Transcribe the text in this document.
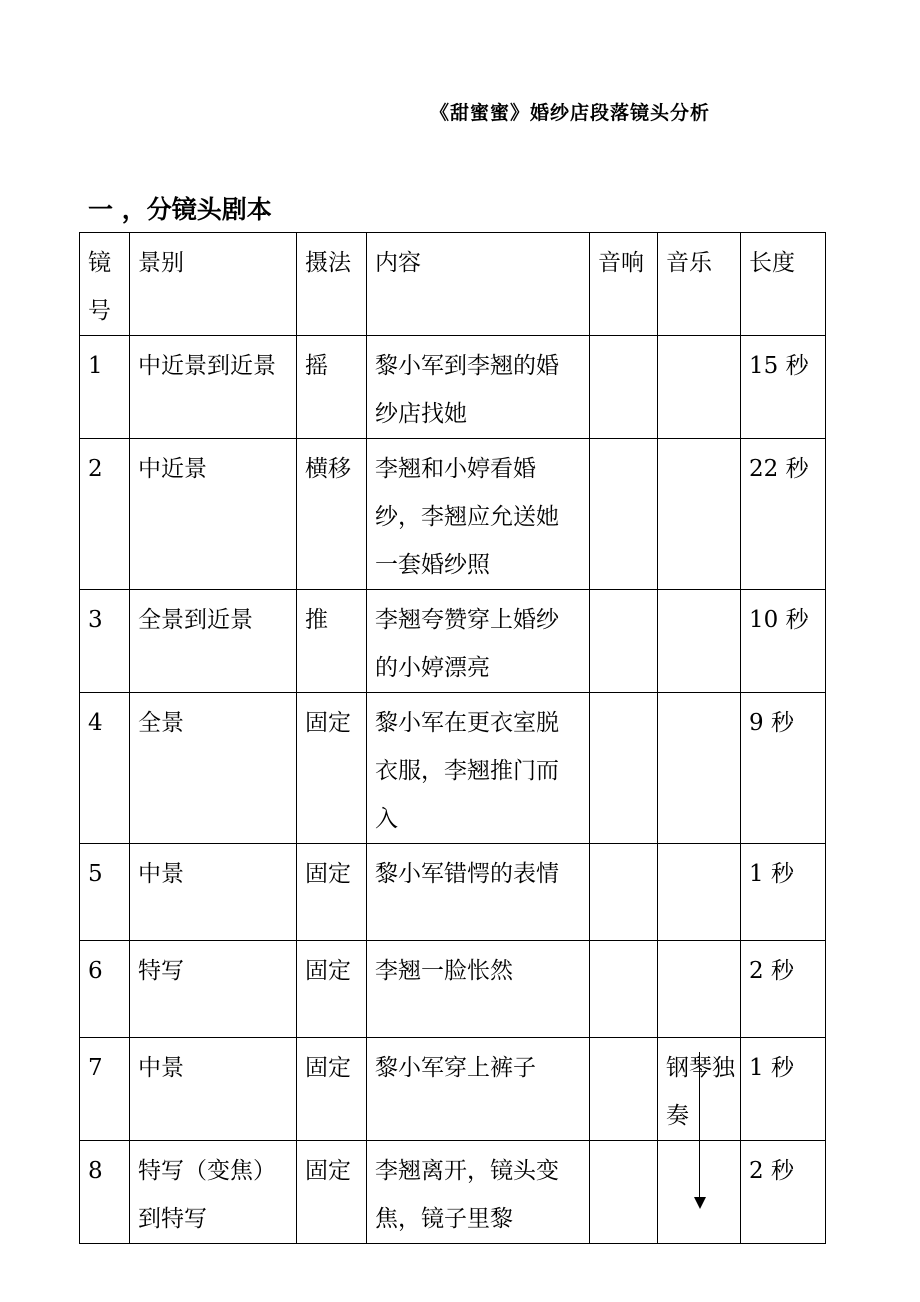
《甜蜜蜜》婚纱店段落镜头分析
一 ，分镜头剧本
镜号	景别	摄法	内容	音响	音乐	长度
1	中近景到近景	摇	黎小军到李翘的婚纱店找她			15 秒
2	中近景	横移	李翘和小婷看婚纱，李翘应允送她一套婚纱照			22 秒
3	全景到近景	推	李翘夸赞穿上婚纱的小婷漂亮			10 秒
4	全景	固定	黎小军在更衣室脱衣服，李翘推门而入			9 秒
5	中景	固定	黎小军错愕的表情			1 秒
6	特写	固定	李翘一脸怅然			2 秒
7	中景	固定	黎小军穿上裤子		钢琴独奏	1 秒
8	特写（变焦）到特写	固定	李翘离开，镜头变焦，镜子里黎			2 秒
